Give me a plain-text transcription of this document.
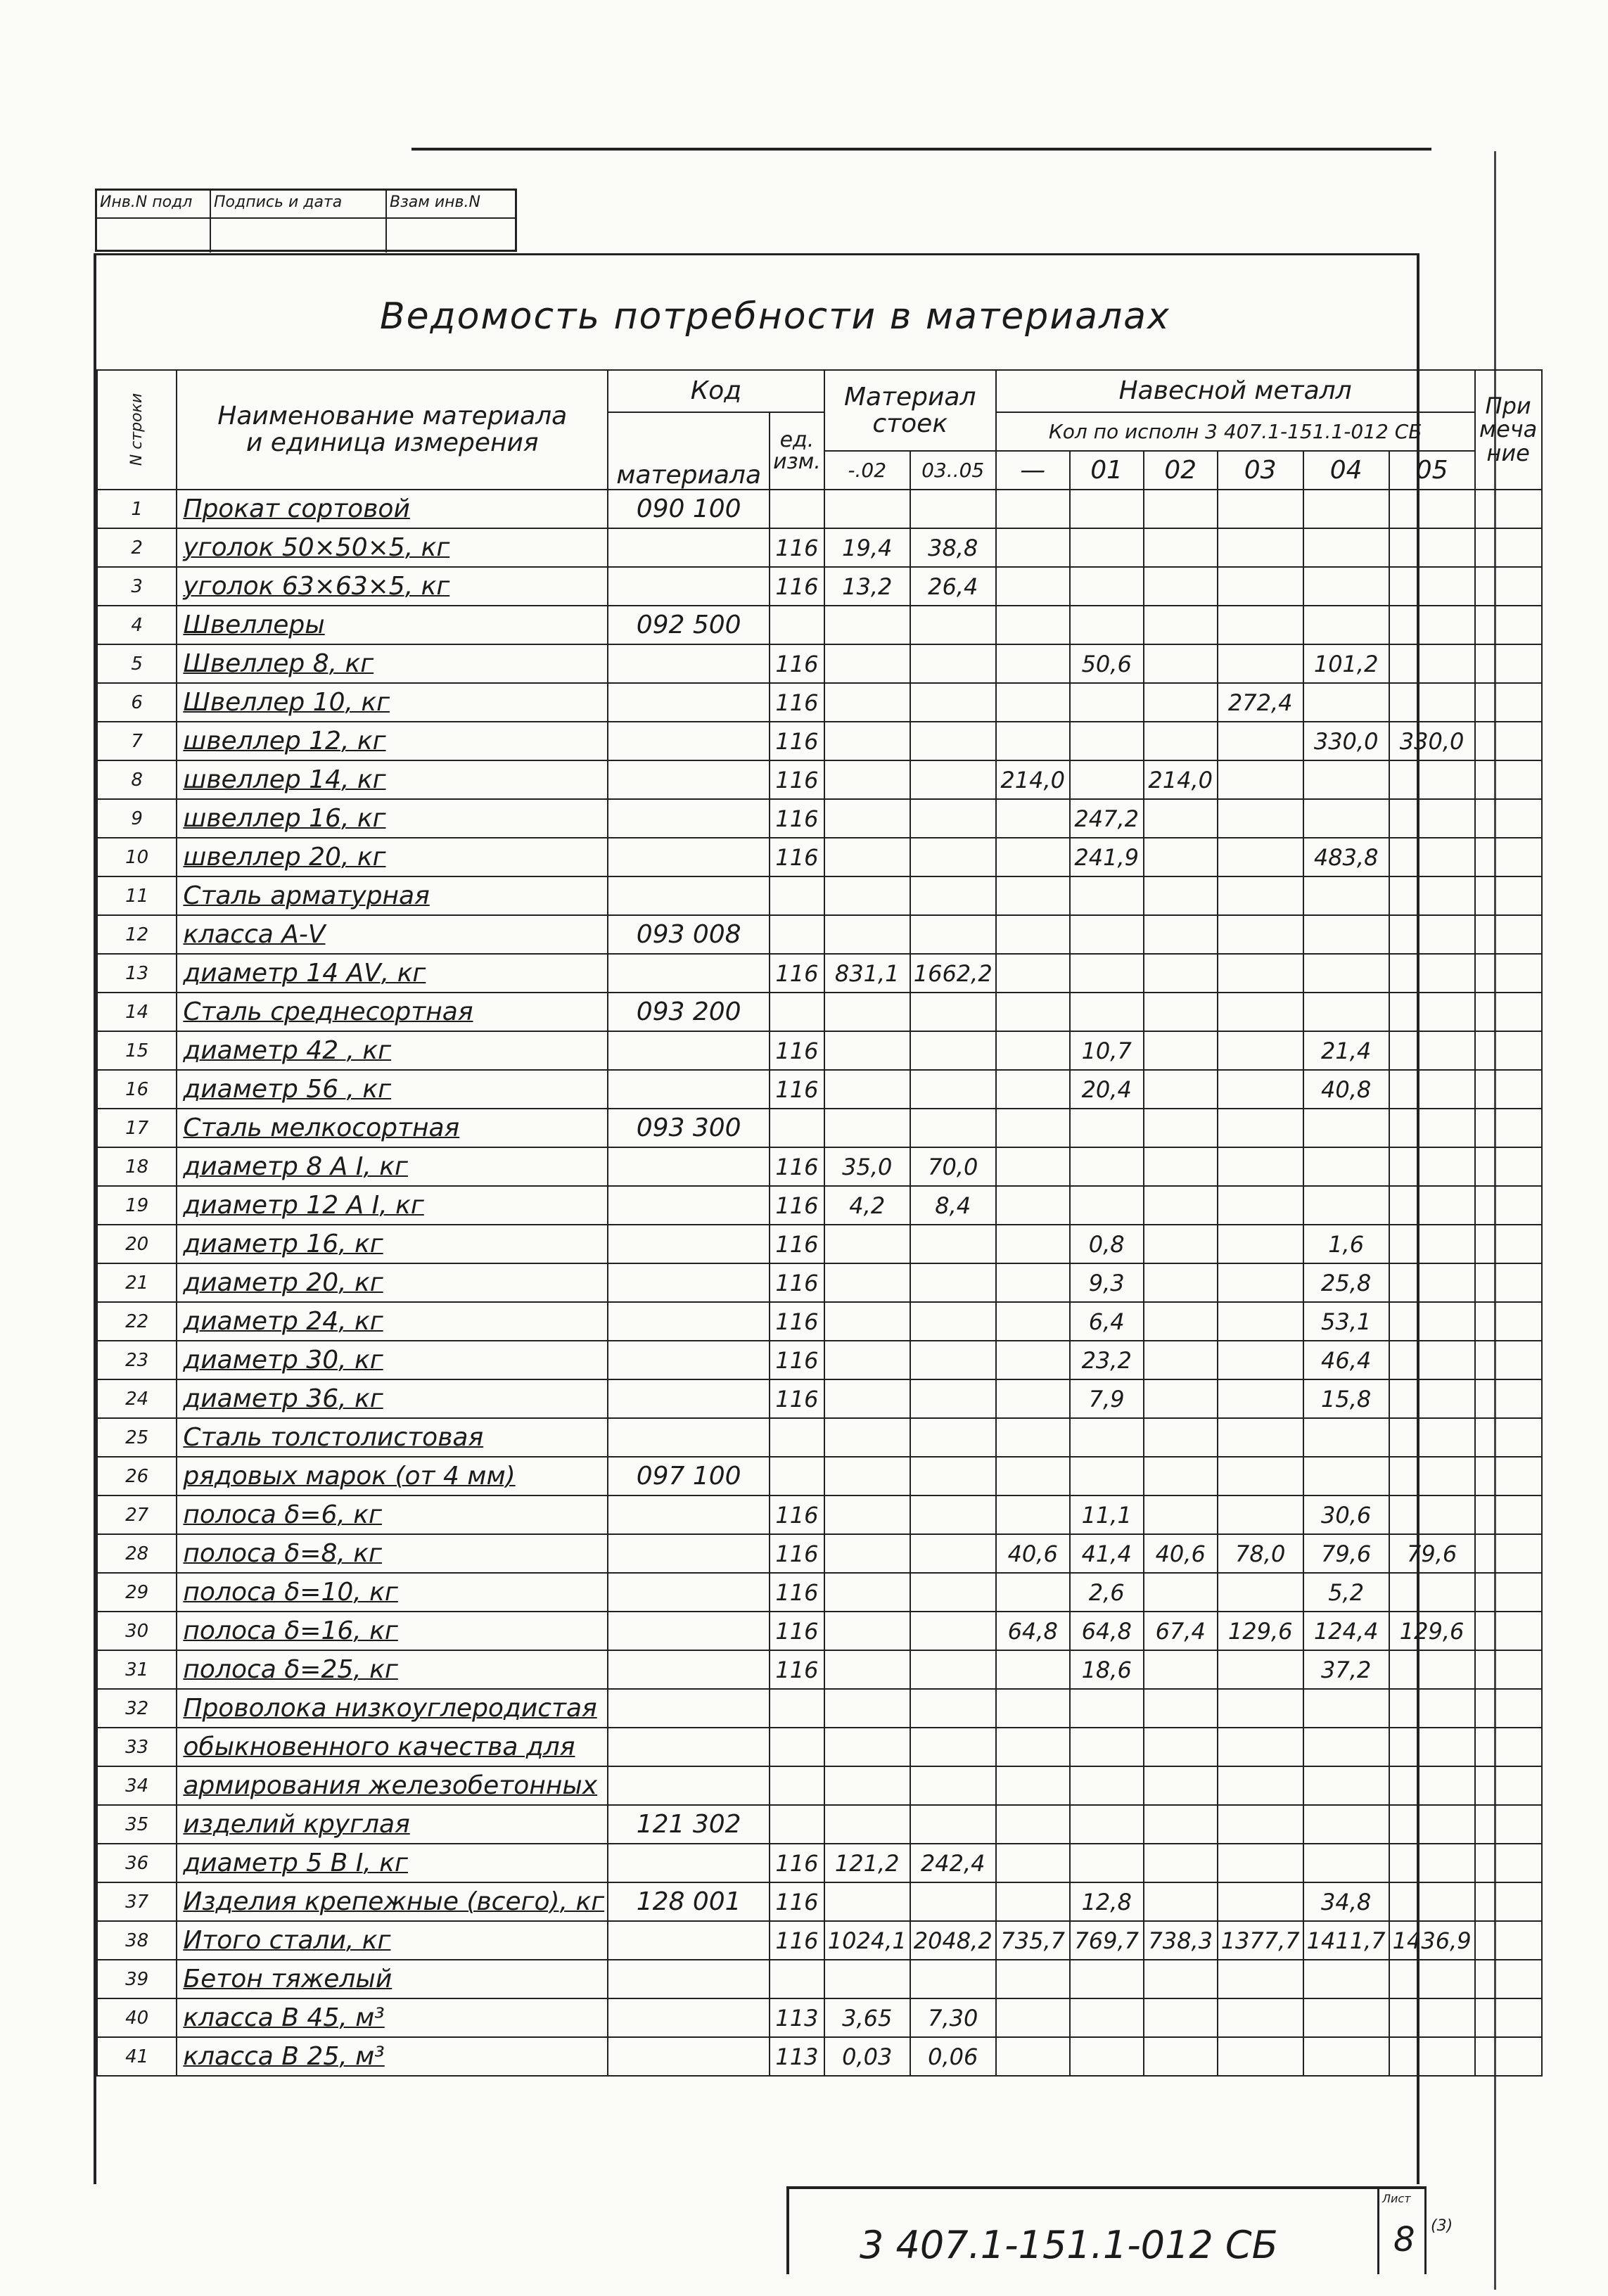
Инв.N подл	Подпись и дата	Взам инв.N
Ведомость потребности в материалах
N строки	Наименование материала и единица измерения	Код		Материал стоек		Навесной металл						Примечание
		материала	ед. изм.			Кол по исполн 3 407.1-151.1-012 СБ						
				-.02	03..05	—	01	02	03	04	05	
1	Прокат сортовой	090 100										
2	уголок 50×50×5, кг		116	19,4	38,8							
3	уголок 63×63×5, кг		116	13,2	26,4							
4	Швеллеры	092 500										
5	Швеллер 8, кг		116				50,6			101,2		
6	Швеллер 10, кг		116						272,4			
7	швеллер 12, кг		116							330,0	330,0	
8	швеллер 14, кг		116			214,0		214,0				
9	швеллер 16, кг		116				247,2					
10	швеллер 20, кг		116				241,9			483,8		
11	Сталь арматурная											
12	класса А-Ⅴ	093 008										
13	диаметр 14 АⅤ, кг		116	831,1	1662,2							
14	Сталь среднесортная	093 200										
15	диаметр 42 , кг		116				10,7			21,4		
16	диаметр 56 , кг		116				20,4			40,8		
17	Сталь мелкосортная	093 300										
18	диаметр 8 А I, кг		116	35,0	70,0							
19	диаметр 12 А I, кг		116	4,2	8,4							
20	диаметр 16, кг		116				0,8			1,6		
21	диаметр 20, кг		116				9,3			25,8		
22	диаметр 24, кг		116				6,4			53,1		
23	диаметр 30, кг		116				23,2			46,4		
24	диаметр 36, кг		116				7,9			15,8		
25	Сталь толстолистовая											
26	рядовых марок (от 4 мм)	097 100										
27	полоса δ=6, кг		116				11,1			30,6		
28	полоса δ=8, кг		116			40,6	41,4	40,6	78,0	79,6	79,6	
29	полоса δ=10, кг		116				2,6			5,2		
30	полоса δ=16, кг		116			64,8	64,8	67,4	129,6	124,4	129,6	
31	полоса δ=25, кг		116				18,6			37,2		
32	Проволока низкоуглеродистая											
33	обыкновенного качества для											
34	армирования железобетонных											
35	изделий круглая	121 302										
36	диаметр 5 В I, кг		116	121,2	242,4							
37	Изделия крепежные (всего), кг	128 001	116				12,8			34,8		
38	Итого стали, кг		116	1024,1	2048,2	735,7	769,7	738,3	1377,7	1411,7	1436,9	
39	Бетон тяжелый											
40	класса В 45, м³		113	3,65	7,30							
41	класса В 25, м³		113	0,03	0,06							
3 407.1-151.1-012 СБ
Лист
8 (3)
